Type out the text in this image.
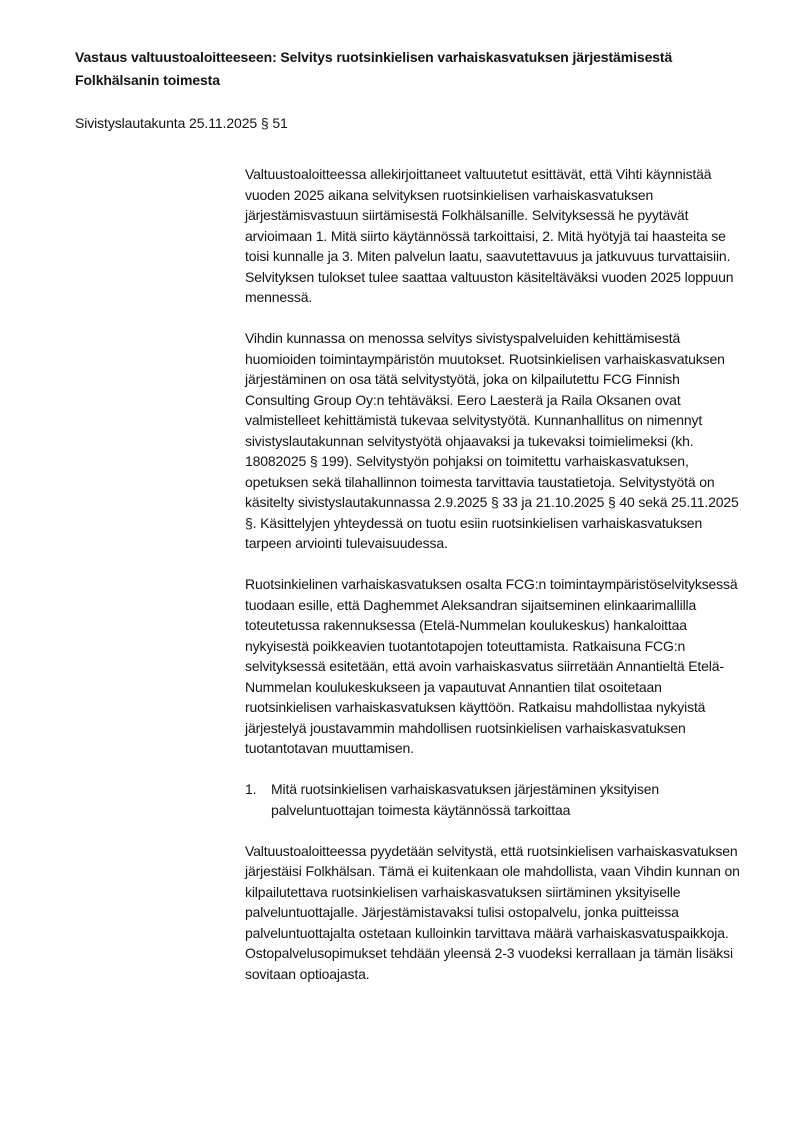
Vastaus valtuustoaloitteeseen: Selvitys ruotsinkielisen varhaiskasvatuksen järjestämisestä Folkhälsanin toimesta
Sivistyslautakunta 25.11.2025 § 51

Valtuustoaloitteessa allekirjoittaneet valtuutetut esittävät, että Vihti käynnistää vuoden 2025 aikana selvityksen ruotsinkielisen varhaiskasvatuksen järjestämisvastuun siirtämisestä Folkhälsanille. Selvityksessä he pyytävät arvioimaan 1. Mitä siirto käytännössä tarkoittaisi, 2. Mitä hyötyjä tai haasteita se toisi kunnalle ja 3. Miten palvelun laatu, saavutettavuus ja jatkuvuus turvattaisiin. Selvityksen tulokset tulee saattaa valtuuston käsiteltäväksi vuoden 2025 loppuun mennessä.

Vihdin kunnassa on menossa selvitys sivistyspalveluiden kehittämisestä huomioiden toimintaympäristön muutokset. Ruotsinkielisen varhaiskasvatuksen järjestäminen on osa tätä selvitystyötä, joka on kilpailutettu FCG Finnish Consulting Group Oy:n tehtäväksi. Eero Laesterä ja Raila Oksanen ovat valmistelleet kehittämistä tukevaa selvitystyötä. Kunnanhallitus on nimennyt sivistyslautakunnan selvitystyötä ohjaavaksi ja tukevaksi toimielimeksi (kh. 18082025 § 199). Selvitystyön pohjaksi on toimitettu varhaiskasvatuksen, opetuksen sekä tilahallinnon toimesta tarvittavia taustatietoja. Selvitystyötä on käsitelty sivistyslautakunnassa 2.9.2025 § 33 ja 21.10.2025 § 40 sekä 25.11.2025 §. Käsittelyjen yhteydessä on tuotu esiin ruotsinkielisen varhaiskasvatuksen tarpeen arviointi tulevaisuudessa.

Ruotsinkielinen varhaiskasvatuksen osalta FCG:n toimintaympäristöselvityksessä tuodaan esille, että Daghemmet Aleksandran sijaitseminen elinkaarimallilla toteutetussa rakennuksessa (Etelä-Nummelan koulukeskus) hankaloittaa nykyisestä poikkeavien tuotantotapojen toteuttamista. Ratkaisuna FCG:n selvityksessä esitetään, että avoin varhaiskasvatus siirretään Annantieltä Etelä-Nummelan koulukeskukseen ja vapautuvat Annantien tilat osoitetaan ruotsinkielisen varhaiskasvatuksen käyttöön. Ratkaisu mahdollistaa nykyistä järjestelyä joustavammin mahdollisen ruotsinkielisen varhaiskasvatuksen tuotantotavan muuttamisen.

1.	Mitä ruotsinkielisen varhaiskasvatuksen järjestäminen yksityisen palveluntuottajan toimesta käytännössä tarkoittaa

Valtuustoaloitteessa pyydetään selvitystä, että ruotsinkielisen varhaiskasvatuksen järjestäisi Folkhälsan. Tämä ei kuitenkaan ole mahdollista, vaan Vihdin kunnan on kilpailutettava ruotsinkielisen varhaiskasvatuksen siirtäminen yksityiselle palveluntuottajalle. Järjestämistavaksi tulisi ostopalvelu, jonka puitteissa palveluntuottajalta ostetaan kulloinkin tarvittava määrä varhaiskasvatuspaikkoja. Ostopalvelusopimukset tehdään yleensä 2-3 vuodeksi kerrallaan ja tämän lisäksi sovitaan optioajasta.
